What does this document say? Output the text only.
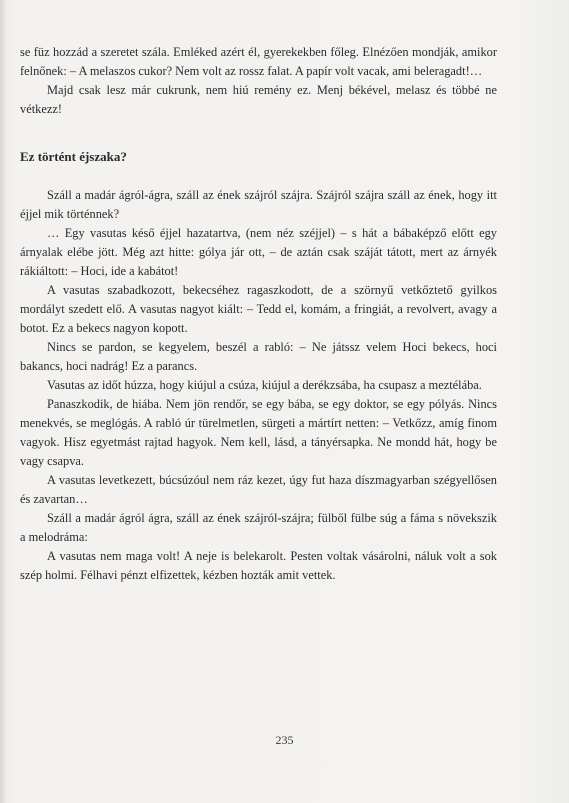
se füz hozzád a szeretet szála. Emléked azért él, gyerekekben főleg. Elnézően mondják, amikor felnőnek: – A melaszos cukor? Nem volt az rossz falat. A papír volt vacak, ami beleragadt!…

Majd csak lesz már cukrunk, nem hiú remény ez. Menj békével, melasz és többé ne vétkezz!

Ez történt éjszaka?

Száll a madár ágról-ágra, száll az ének szájról szájra. Szájról szájra száll az ének, hogy itt éjjel mik történnek?

… Egy vasutas késő éjjel hazatartva, (nem néz széjjel) – s hát a bábaképző előtt egy árnyalak elébe jött. Még azt hitte: gólya jár ott, – de aztán csak száját tátott, mert az árnyék rákiáltott: – Hoci, ide a kabátot!

A vasutas szabadkozott, bekecséhez ragaszkodott, de a szörnyű vetkőztető gyilkos mordályt szedett elő. A vasutas nagyot kiált: – Tedd el, komám, a fringiát, a revolvert, avagy a botot. Ez a bekecs nagyon kopott.

Nincs se pardon, se kegyelem, beszél a rabló: – Ne játssz velem Hoci bekecs, hoci bakancs, hoci nadrág! Ez a parancs.

Vasutas az időt húzza, hogy kiújul a csúza, kiújul a derékzsába, ha csupasz a meztélába.

Panaszkodik, de hiába. Nem jön rendőr, se egy bába, se egy doktor, se egy pólyás. Nincs menekvés, se meglógás. A rabló úr türelmetlen, sürgeti a mártírt netten: – Vetkőzz, amíg finom vagyok. Hisz egyetmást rajtad hagyok. Nem kell, lásd, a tányérsapka. Ne mondd hát, hogy be vagy csapva.

A vasutas levetkezett, búcsúzóul nem ráz kezet, úgy fut haza díszmagyarban szégyellősen és zavartan…

Száll a madár ágról ágra, száll az ének szájról-szájra; fülből fülbe súg a fáma s növekszik a melodráma:

A vasutas nem maga volt! A neje is belekarolt. Pesten voltak vásárolni, náluk volt a sok szép holmi. Félhavi pénzt elfizettek, kézben hozták amit vettek.

235
